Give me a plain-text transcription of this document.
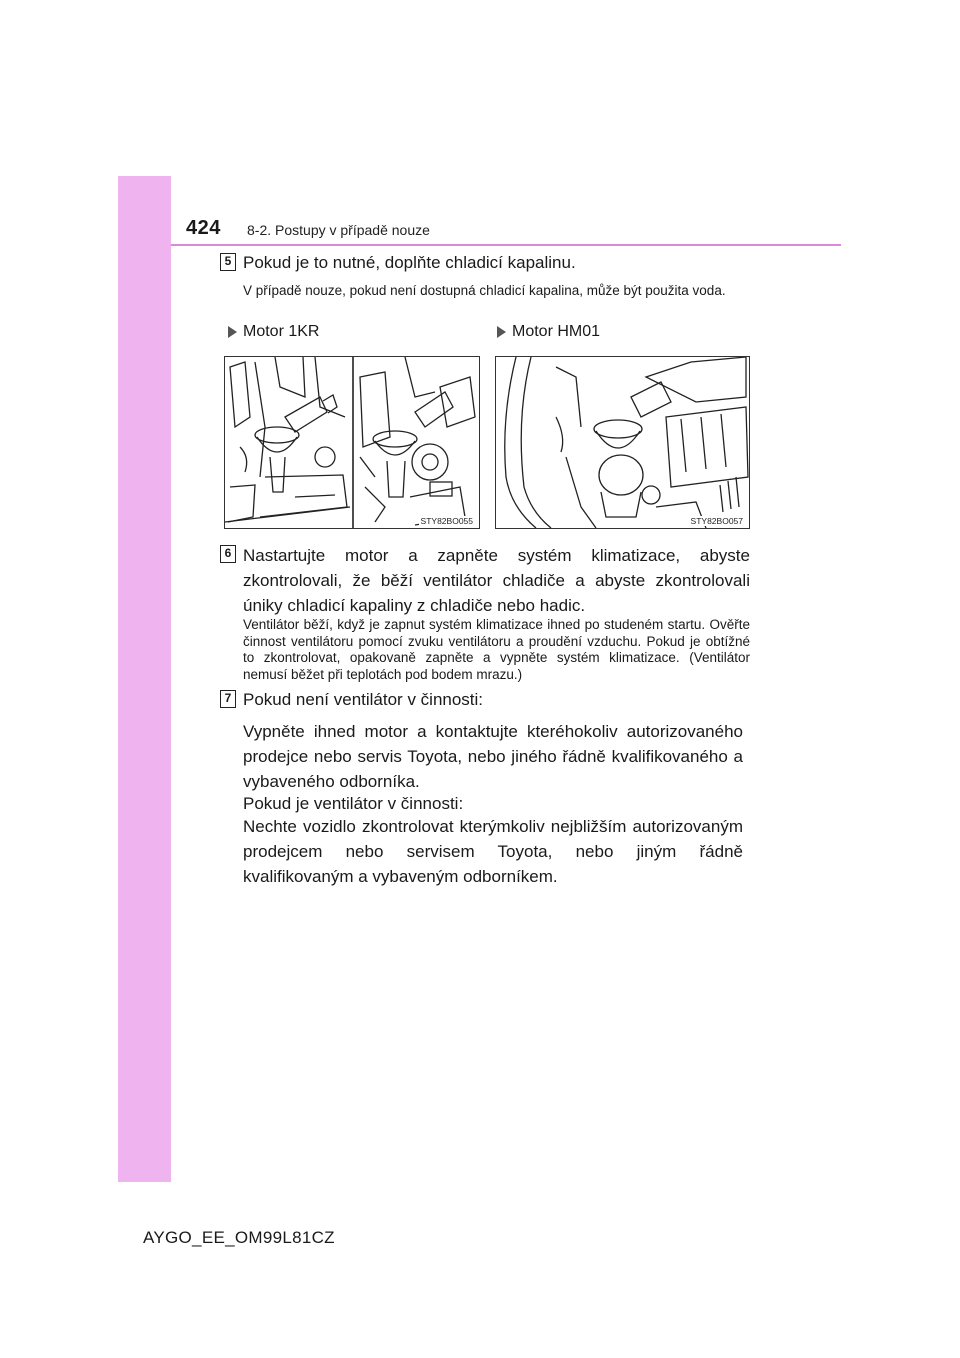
424 8-2. Postupy v případě nouze
5 Pokud je to nutné, doplňte chladicí kapalinu.
V případě nouze, pokud není dostupná chladicí kapalina, může být použita voda.
Motor 1KR	Motor HM01
STY82BO055	STY82BO057
6 Nastartujte motor a zapněte systém klimatizace, abyste zkontrolovali, že běží ventilátor chladiče a abyste zkontrolovali úniky chladicí kapaliny z chladiče nebo hadic.
Ventilátor běží, když je zapnut systém klimatizace ihned po studeném startu. Ověřte činnost ventilátoru pomocí zvuku ventilátoru a proudění vzduchu. Pokud je obtížné to zkontrolovat, opakovaně zapněte a vypněte systém klimatizace. (Ventilátor nemusí běžet při teplotách pod bodem mrazu.)
7 Pokud není ventilátor v činnosti:
Vypněte ihned motor a kontaktujte kteréhokoliv autorizovaného prodejce nebo servis Toyota, nebo jiného řádně kvalifikovaného a vybaveného odborníka.
Pokud je ventilátor v činnosti:
Nechte vozidlo zkontrolovat kterýmkoliv nejbližším autorizovaným prodejcem nebo servisem Toyota, nebo jiným řádně kvalifikovaným a vybaveným odborníkem.
AYGO_EE_OM99L81CZ
